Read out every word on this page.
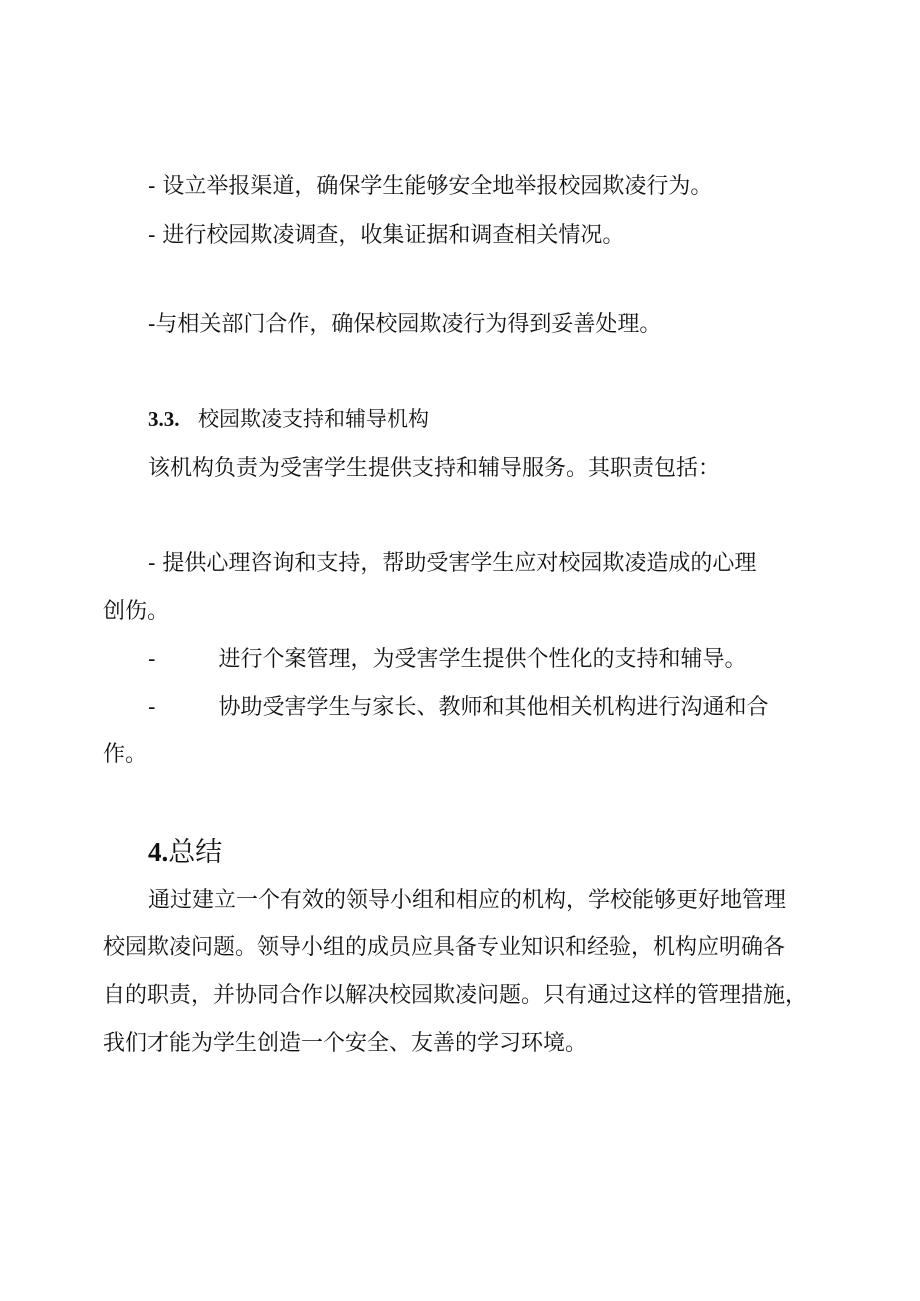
- 设立举报渠道，确保学生能够安全地举报校园欺凌行为。
- 进行校园欺凌调查，收集证据和调查相关情况。
-与相关部门合作，确保校园欺凌行为得到妥善处理。
3.3. 校园欺凌支持和辅导机构
该机构负责为受害学生提供支持和辅导服务。其职责包括：
- 提供心理咨询和支持，帮助受害学生应对校园欺凌造成的心理
创伤。
-	进行个案管理，为受害学生提供个性化的支持和辅导。
-	协助受害学生与家长、教师和其他相关机构进行沟通和合
作。
4.总结
通过建立一个有效的领导小组和相应的机构，学校能够更好地管理
校园欺凌问题。领导小组的成员应具备专业知识和经验，机构应明确各
自的职责，并协同合作以解决校园欺凌问题。只有通过这样的管理措施，
我们才能为学生创造一个安全、友善的学习环境。
